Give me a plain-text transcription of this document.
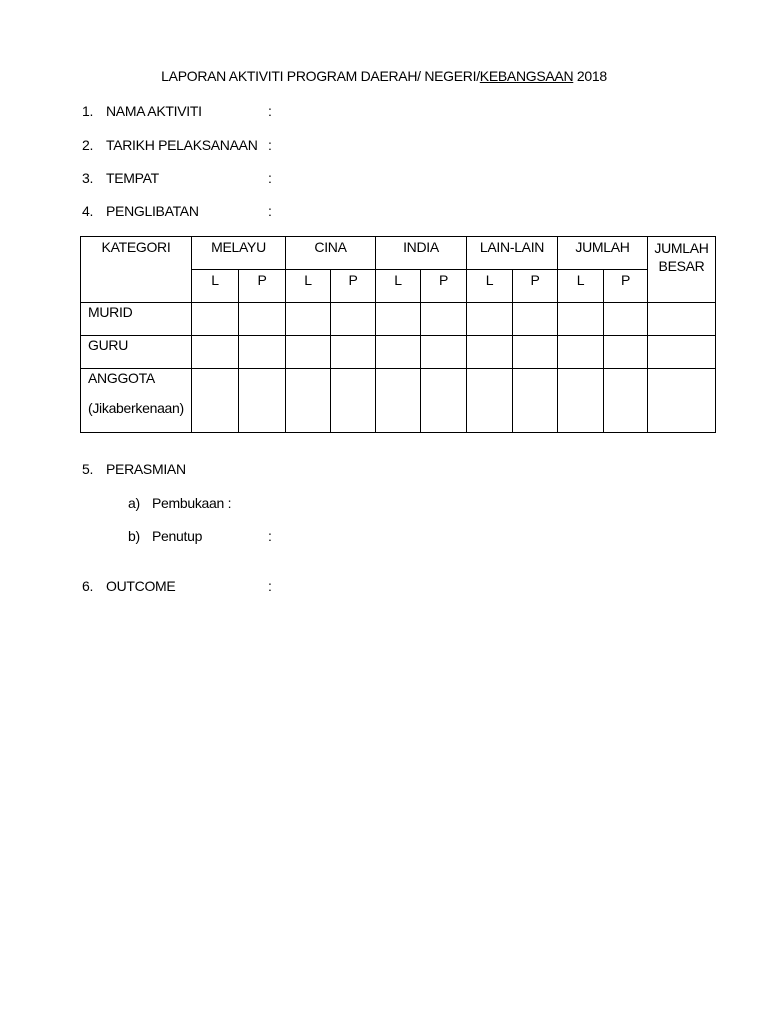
LAPORAN AKTIVITI PROGRAM DAERAH/ NEGERI/KEBANGSAAN 2018
1. NAMA AKTIVITI	:
2. TARIKH PELAKSANAAN :
3. TEMPAT	:
4. PENGLIBATAN	:
KATEGORI	MELAYU		CINA		INDIA		LAIN-LAIN		JUMLAH		JUMLAH
BESAR
	L	P	L	P	L	P	L	P	L	P	
MURID											
GURU											
ANGGOTA
(Jikaberkenaan)											

5. PERASMIAN
a) Pembukaan :
b) Penutup	:
6. OUTCOME	:
